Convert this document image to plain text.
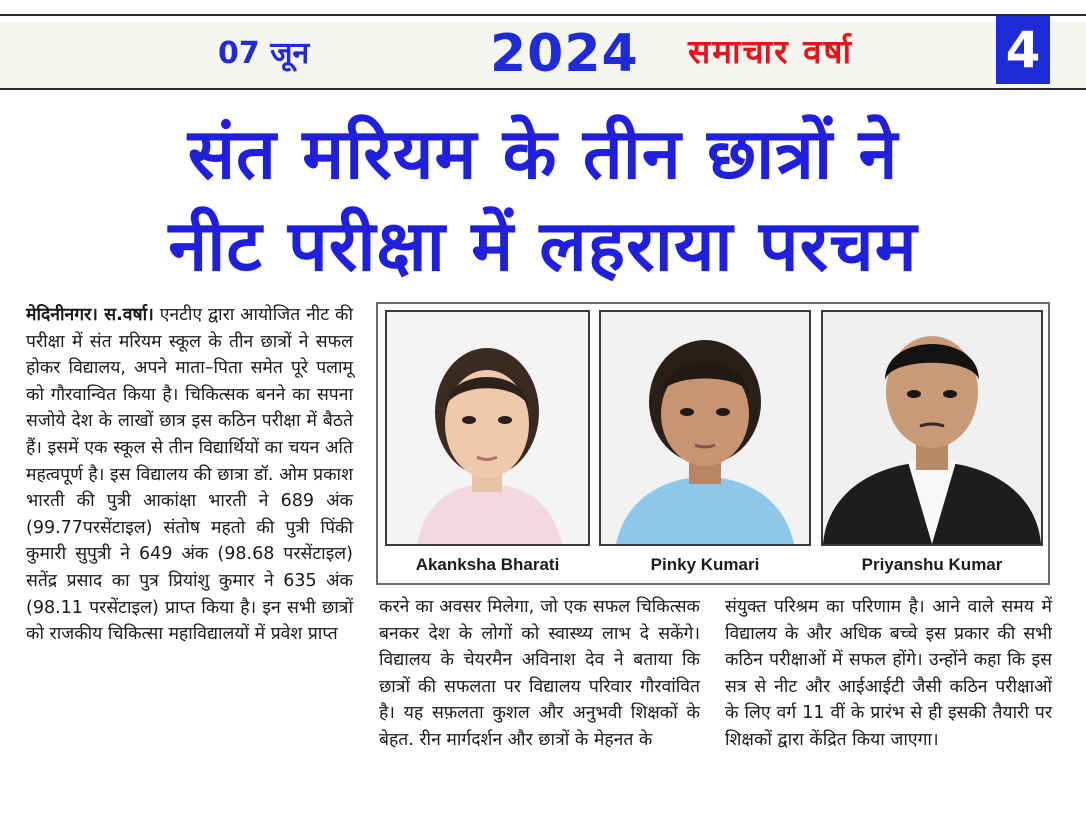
07 जून	2024 समाचार वर्षा	4
संत मरियम के तीन छात्रों ने
नीट परीक्षा में लहराया परचम
मेदिनीनगर। स.वर्षा। एनटीए द्वारा आयोजित नीट की परीक्षा में संत मरियम स्कूल के तीन छात्रों ने सफल होकर विद्यालय, अपने माता–पिता समेत पूरे पलामू को गौरवान्वित किया है। चिकित्सक बनने का सपना सजोये देश के लाखों छात्र इस कठिन परीक्षा में बैठते हैं। इसमें एक स्कूल से तीन विद्यार्थियों का चयन अति महत्वपूर्ण है। इस विद्यालय की छात्रा डॉ. ओम प्रकाश भारती की पुत्री आकांक्षा भारती ने 689 अंक (99.77परसेंटाइल) संतोष महतो की पुत्री पिंकी कुमारी सुपुत्री ने 649 अंक (98.68 परसेंटाइल) सतेंद्र प्रसाद का पुत्र प्रियांशु कुमार ने 635 अंक (98.11 परसेंटाइल) प्राप्त किया है। इन सभी छात्रों को राजकीय चिकित्सा महाविद्यालयों में प्रवेश प्राप्त
Akanksha Bharati	Pinky Kumari	Priyanshu Kumar
करने का अवसर मिलेगा, जो एक सफल चिकित्सक बनकर देश के लोगों को स्वास्थ्य लाभ दे सकेंगे। विद्यालय के चेयरमैन अविनाश देव ने बताया कि छात्रों की सफलता पर विद्यालय परिवार गौरवांवित है। यह सफ़लता कुशल और अनुभवी शिक्षकों के बेहत. रीन मार्गदर्शन और छात्रों के मेहनत के
संयुक्त परिश्रम का परिणाम है। आने वाले समय में विद्यालय के और अधिक बच्चे इस प्रकार की सभी कठिन परीक्षाओं में सफल होंगे। उन्होंने कहा कि इस सत्र से नीट और आईआईटी जैसी कठिन परीक्षाओं के लिए वर्ग 11 वीं के प्रारंभ से ही इसकी तैयारी पर शिक्षकों द्वारा केंद्रित किया जाएगा।
